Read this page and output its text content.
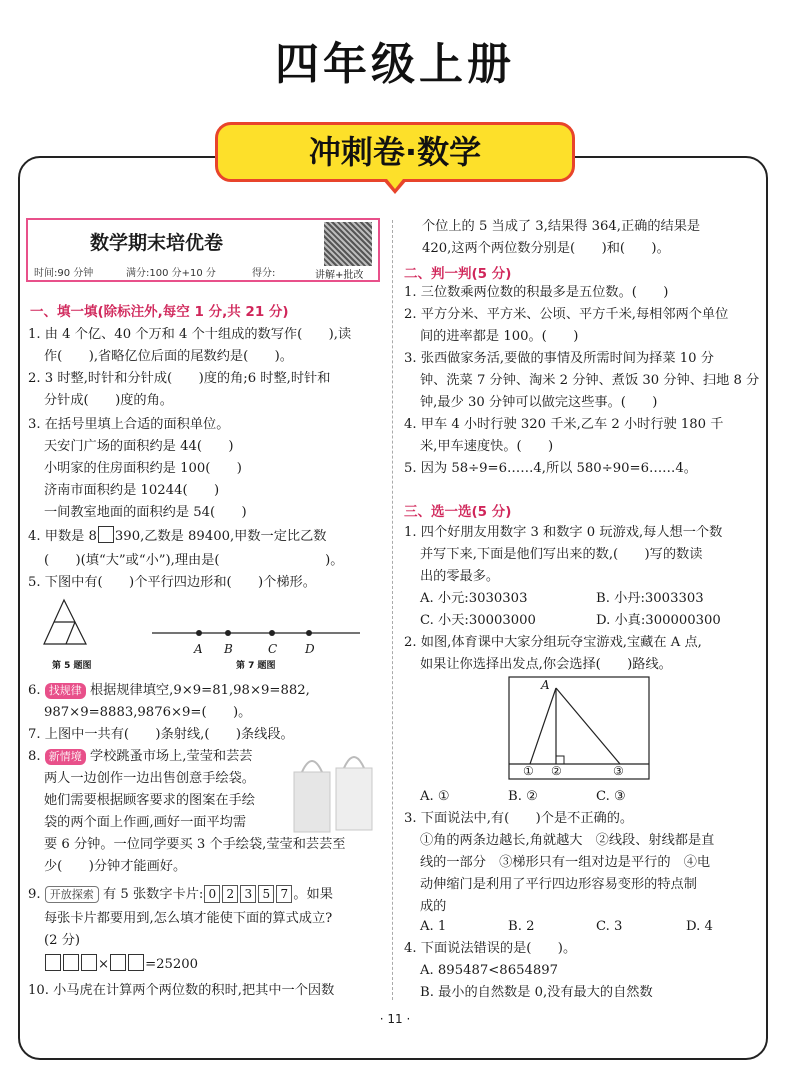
四年级上册
冲刺卷·数学
数学期末培优卷
时间:90 分钟	满分:100 分+10 分	得分:	讲解+批改
一、填一填(除标注外,每空 1 分,共 21 分)
1. 由 4 个亿、40 个万和 4 个十组成的数写作(　　),读
作(　　),省略亿位后面的尾数约是(　　)。
2. 3 时整,时针和分针成(　　)度的角;6 时整,时针和
分针成(　　)度的角。
3. 在括号里填上合适的面积单位。
天安门广场的面积约是 44(　　)
小明家的住房面积约是 100(　　)
济南市面积约是 10244(　　)
一间教室地面的面积约是 54(　　)
4. 甲数是 8 390,乙数是 89400,甲数一定比乙数
(　　)(填“大”或“小”),理由是(　　　　　　　　)。
5. 下图中有(　　)个平行四边形和(　　)个梯形。
第 5 题图
A B	C D
第 7 题图
6. 找规律 根据规律填空,9×9=81,98×9=882,
987×9=8883,9876×9=(　　)。
7. 上图中一共有(　　)条射线,(　　)条线段。
8. 新情境 学校跳蚤市场上,莹莹和芸芸
两人一边创作一边出售创意手绘袋。
她们需要根据顾客要求的图案在手绘
袋的两个面上作画,画好一面平均需
要 6 分钟。一位同学要买 3 个手绘袋,莹莹和芸芸至
少(　　)分钟才能画好。
9. 开放探索 有 5 张数字卡片: 0 2 3 5 7 。如果
每张卡片都要用到,怎么填才能使下面的算式成立?
(2 分)
×	=25200
10. 小马虎在计算两个两位数的积时,把其中一个因数
个位上的 5 当成了 3,结果得 364,正确的结果是
420,这两个两位数分别是(　　)和(　　)。
二、判一判(5 分)
1. 三位数乘两位数的积最多是五位数。(　　)
2. 平方分米、平方米、公顷、平方千米,每相邻两个单位
间的进率都是 100。(　　)
3. 张西做家务活,要做的事情及所需时间为择菜 10 分
钟、洗菜 7 分钟、淘米 2 分钟、煮饭 30 分钟、扫地 8 分
钟,最少 30 分钟可以做完这些事。(　　)
4. 甲车 4 小时行驶 320 千米,乙车 2 小时行驶 180 千
米,甲车速度快。(　　)
5. 因为 58÷9=6……4,所以 580÷90=6……4。
三、选一选(5 分)
1. 四个好朋友用数字 3 和数字 0 玩游戏,每人想一个数
并写下来,下面是他们写出来的数,(　　)写的数读
出的零最多。
A. 小元:3030303	B. 小丹:3003303
C. 小天:30003000	D. 小真:300000300
2. 如图,体育课中大家分组玩夺宝游戏,宝藏在 A 点,
如果让你选择出发点,你会选择(　　)路线。
A
① ②	③
A. ①	B. ②	C. ③
3. 下面说法中,有(　　)个是不正确的。
①角的两条边越长,角就越大　②线段、射线都是直
线的一部分　③梯形只有一组对边是平行的　④电
动伸缩门是利用了平行四边形容易变形的特点制
成的
A. 1	B. 2	C. 3	D. 4
4. 下面说法错误的是(　　)。
A. 895487<8654897
B. 最小的自然数是 0,没有最大的自然数
· 11 ·
